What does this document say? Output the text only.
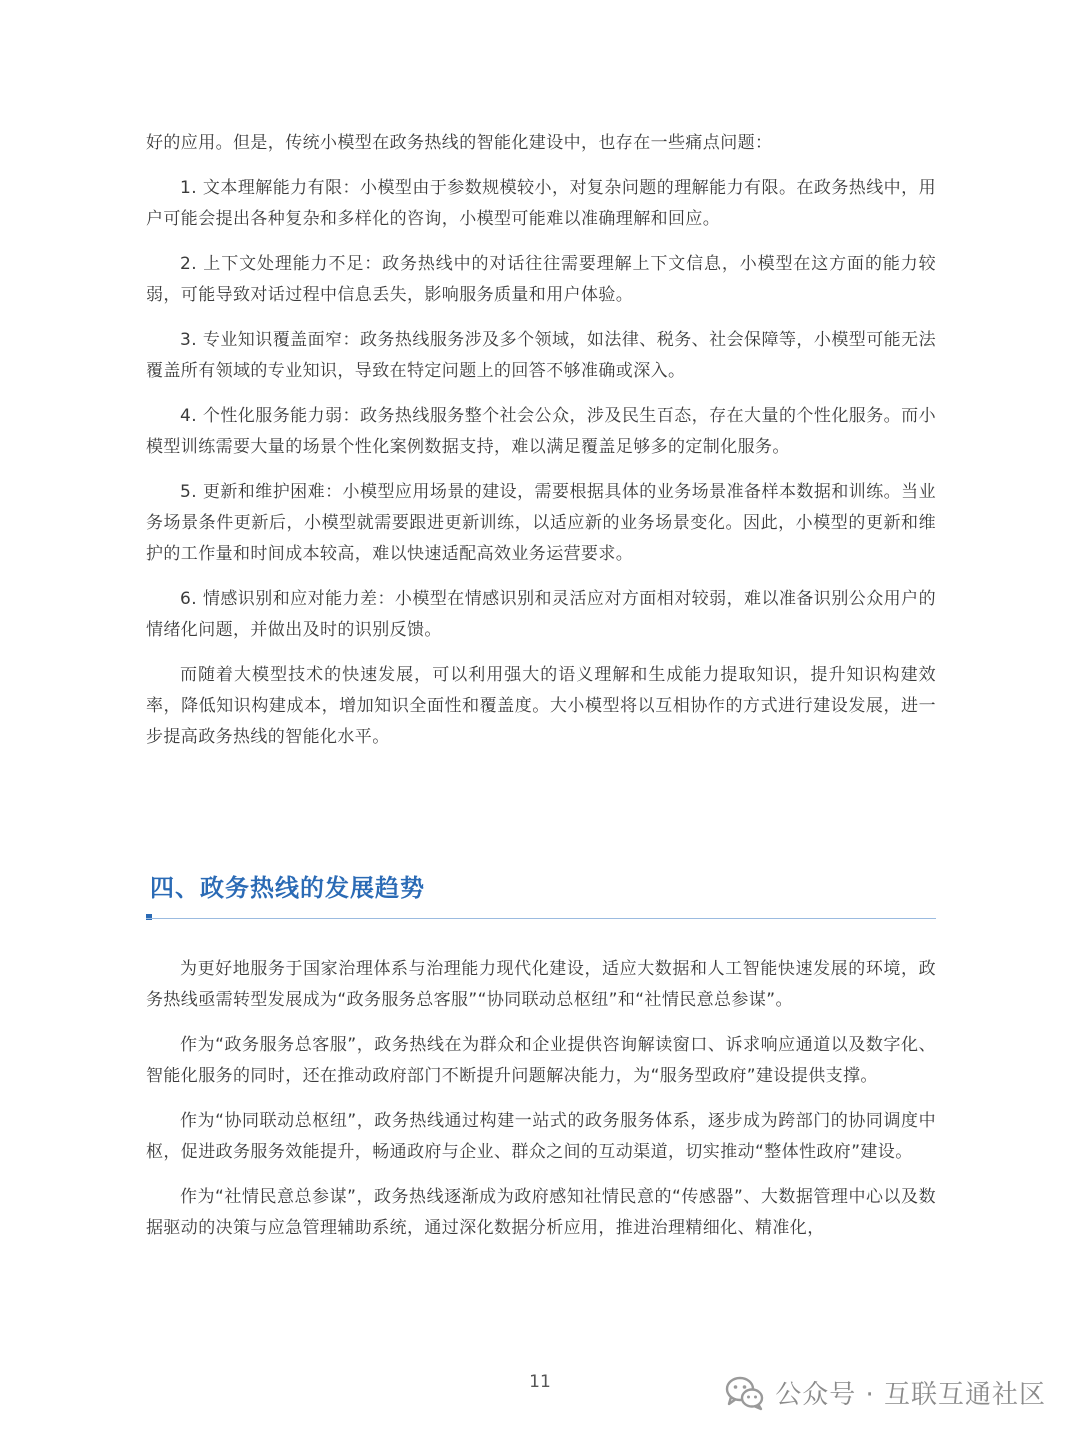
好的应用。但是，传统小模型在政务热线的智能化建设中，也存在一些痛点问题：

1. 文本理解能力有限：小模型由于参数规模较小，对复杂问题的理解能力有限。在政务热线中，用户可能会提出各种复杂和多样化的咨询，小模型可能难以准确理解和回应。

2. 上下文处理能力不足：政务热线中的对话往往需要理解上下文信息，小模型在这方面的能力较弱，可能导致对话过程中信息丢失，影响服务质量和用户体验。

3. 专业知识覆盖面窄：政务热线服务涉及多个领域，如法律、税务、社会保障等，小模型可能无法覆盖所有领域的专业知识，导致在特定问题上的回答不够准确或深入。

4. 个性化服务能力弱：政务热线服务整个社会公众，涉及民生百态，存在大量的个性化服务。而小模型训练需要大量的场景个性化案例数据支持，难以满足覆盖足够多的定制化服务。

5. 更新和维护困难：小模型应用场景的建设，需要根据具体的业务场景准备样本数据和训练。当业务场景条件更新后，小模型就需要跟进更新训练，以适应新的业务场景变化。因此，小模型的更新和维护的工作量和时间成本较高，难以快速适配高效业务运营要求。

6. 情感识别和应对能力差：小模型在情感识别和灵活应对方面相对较弱，难以准备识别公众用户的情绪化问题，并做出及时的识别反馈。

而随着大模型技术的快速发展，可以利用强大的语义理解和生成能力提取知识，提升知识构建效率，降低知识构建成本，增加知识全面性和覆盖度。大小模型将以互相协作的方式进行建设发展，进一步提高政务热线的智能化水平。

四、政务热线的发展趋势

为更好地服务于国家治理体系与治理能力现代化建设，适应大数据和人工智能快速发展的环境，政务热线亟需转型发展成为“政务服务总客服”“协同联动总枢纽”和“社情民意总参谋”。

作为“政务服务总客服”，政务热线在为群众和企业提供咨询解读窗口、诉求响应通道以及数字化、智能化服务的同时，还在推动政府部门不断提升问题解决能力，为“服务型政府”建设提供支撑。

作为“协同联动总枢纽”，政务热线通过构建一站式的政务服务体系，逐步成为跨部门的协同调度中枢，促进政务服务效能提升，畅通政府与企业、群众之间的互动渠道，切实推动“整体性政府”建设。

作为“社情民意总参谋”，政务热线逐渐成为政府感知社情民意的“传感器”、大数据管理中心以及数据驱动的决策与应急管理辅助系统，通过深化数据分析应用，推进治理精细化、精准化，

11	公众号 · 互联互通社区
